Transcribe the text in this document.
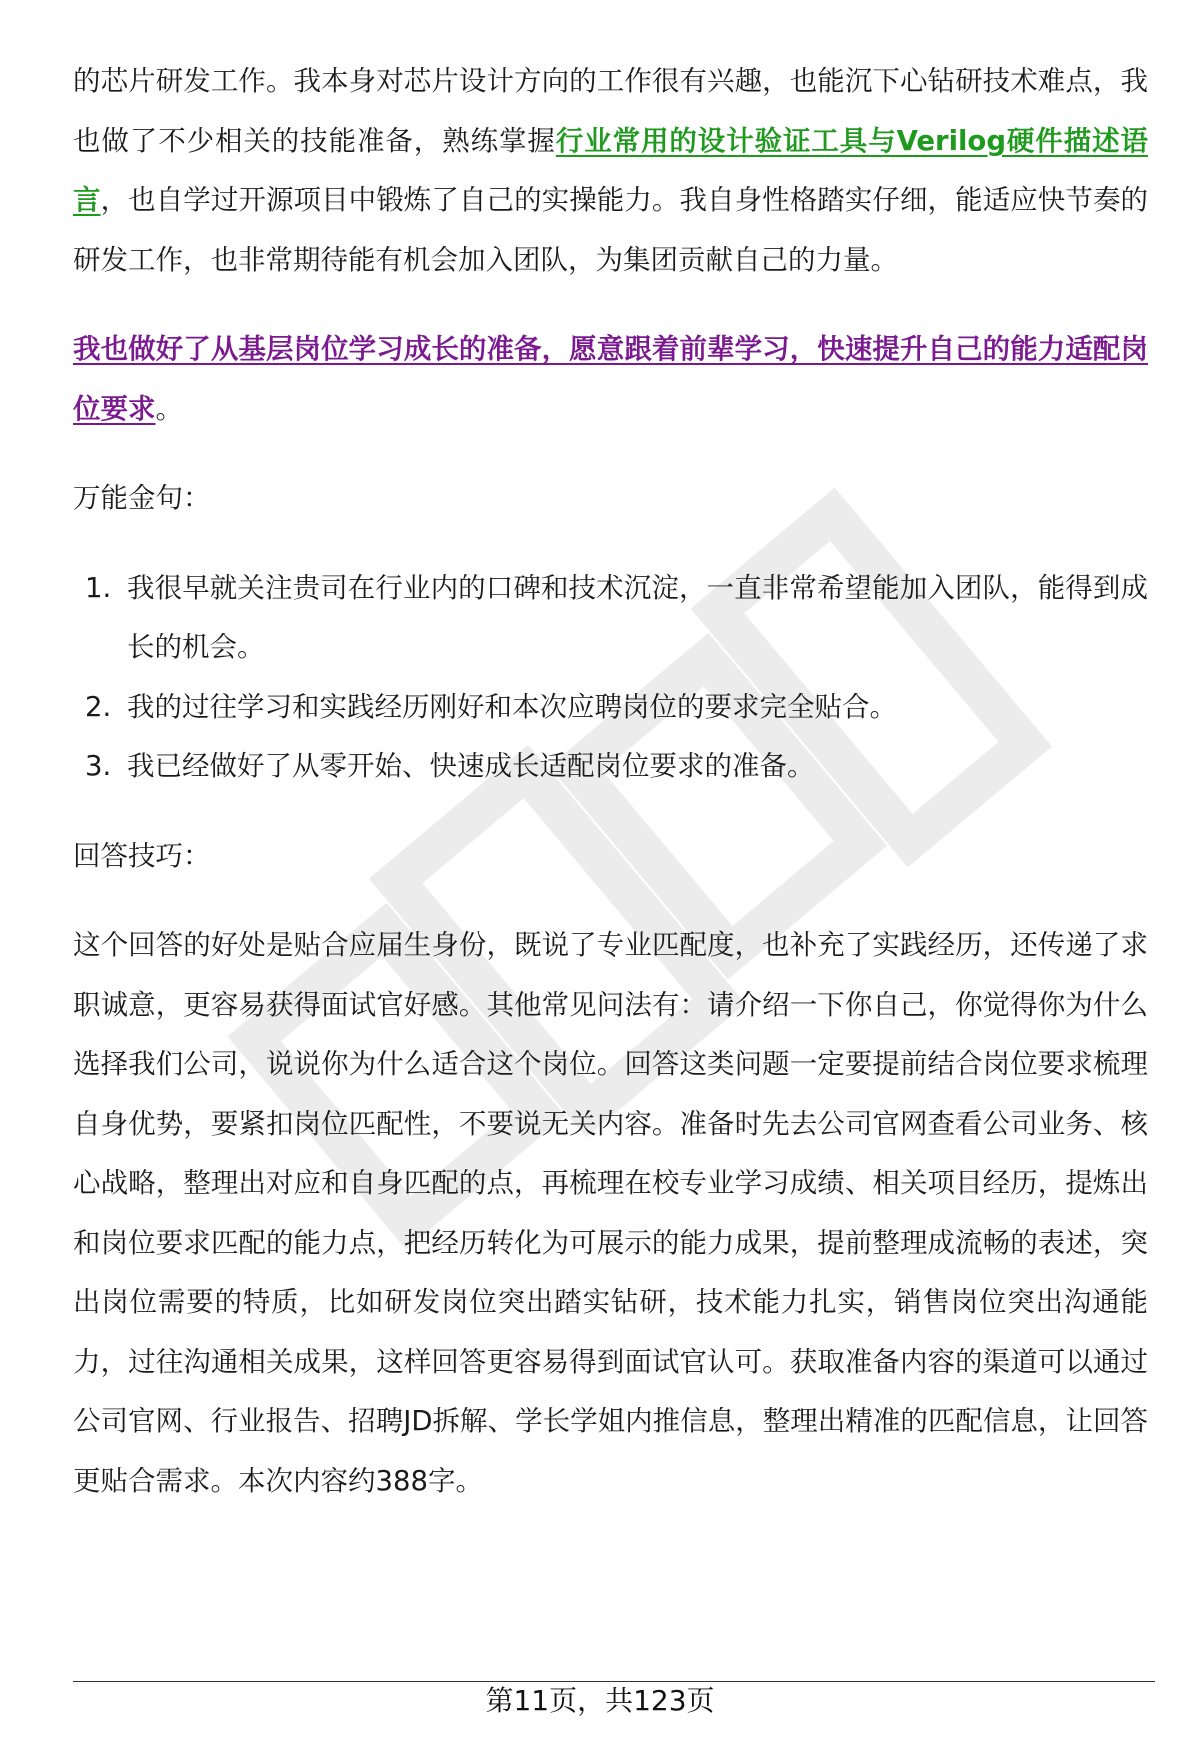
的芯片研发工作。我本身对芯片设计方向的工作很有兴趣，也能沉下心钻研技术难点，我也做了不少相关的技能准备，熟练掌握行业常用的设计验证工具与Verilog硬件描述语言，也自学过开源项目中锻炼了自己的实操能力。我自身性格踏实仔细，能适应快节奏的研发工作，也非常期待能有机会加入团队，为集团贡献自己的力量。

我也做好了从基层岗位学习成长的准备，愿意跟着前辈学习，快速提升自己的能力适配岗位要求。

万能金句：

1. 我很早就关注贵司在行业内的口碑和技术沉淀，一直非常希望能加入团队，能得到成长的机会。
2. 我的过往学习和实践经历刚好和本次应聘岗位的要求完全贴合。
3. 我已经做好了从零开始、快速成长适配岗位要求的准备。

回答技巧：

这个回答的好处是贴合应届生身份，既说了专业匹配度，也补充了实践经历，还传递了求职诚意，更容易获得面试官好感。其他常见问法有：请介绍一下你自己，你觉得你为什么选择我们公司，说说你为什么适合这个岗位。回答这类问题一定要提前结合岗位要求梳理自身优势，要紧扣岗位匹配性，不要说无关内容。准备时先去公司官网查看公司业务、核心战略，整理出对应和自身匹配的点，再梳理在校专业学习成绩、相关项目经历，提炼出和岗位要求匹配的能力点，把经历转化为可展示的能力成果，提前整理成流畅的表述，突出岗位需要的特质，比如研发岗位突出踏实钻研，技术能力扎实，销售岗位突出沟通能力，过往沟通相关成果，这样回答更容易得到面试官认可。获取准备内容的渠道可以通过公司官网、行业报告、招聘JD拆解、学长学姐内推信息，整理出精准的匹配信息，让回答更贴合需求。本次内容约388字。

第11页，共123页
